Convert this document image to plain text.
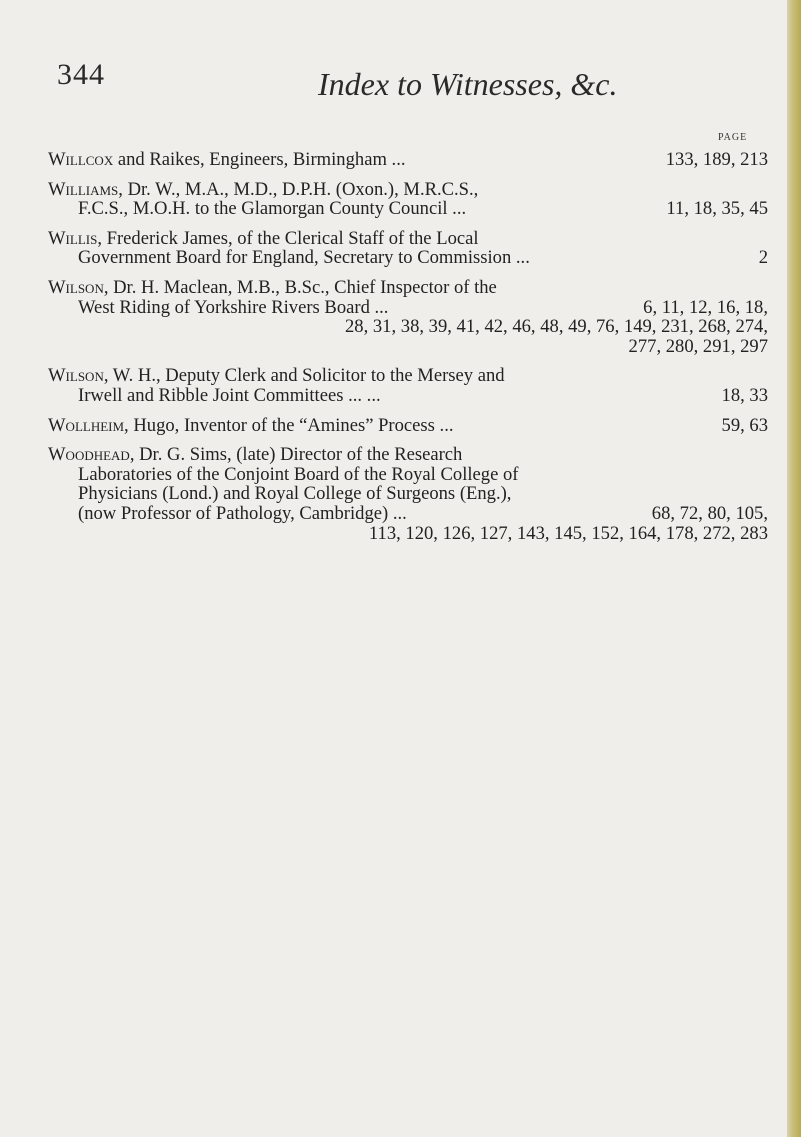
344	Index to Witnesses, &c.
PAGE
Willcox and Raikes, Engineers, Birmingham ...	133, 189, 213
Williams, Dr. W., M.A., M.D., D.P.H. (Oxon.), M.R.C.S.,
F.C.S., M.O.H. to the Glamorgan County Council ...	11, 18, 35, 45
Willis, Frederick James, of the Clerical Staff of the Local
Government Board for England, Secretary to Commission ...	2
Wilson, Dr. H. Maclean, M.B., B.Sc., Chief Inspector of the
West Riding of Yorkshire Rivers Board ...	6, 11, 12, 16, 18,
28, 31, 38, 39, 41, 42, 46, 48, 49, 76, 149, 231, 268, 274,
277, 280, 291, 297
Wilson, W. H., Deputy Clerk and Solicitor to the Mersey and
Irwell and Ribble Joint Committees ... ...	18, 33
Wollheim, Hugo, Inventor of the “Amines” Process ...	59, 63
Woodhead, Dr. G. Sims, (late) Director of the Research
Laboratories of the Conjoint Board of the Royal College of
Physicians (Lond.) and Royal College of Surgeons (Eng.),
(now Professor of Pathology, Cambridge) ...	68, 72, 80, 105,
113, 120, 126, 127, 143, 145, 152, 164, 178, 272, 283
